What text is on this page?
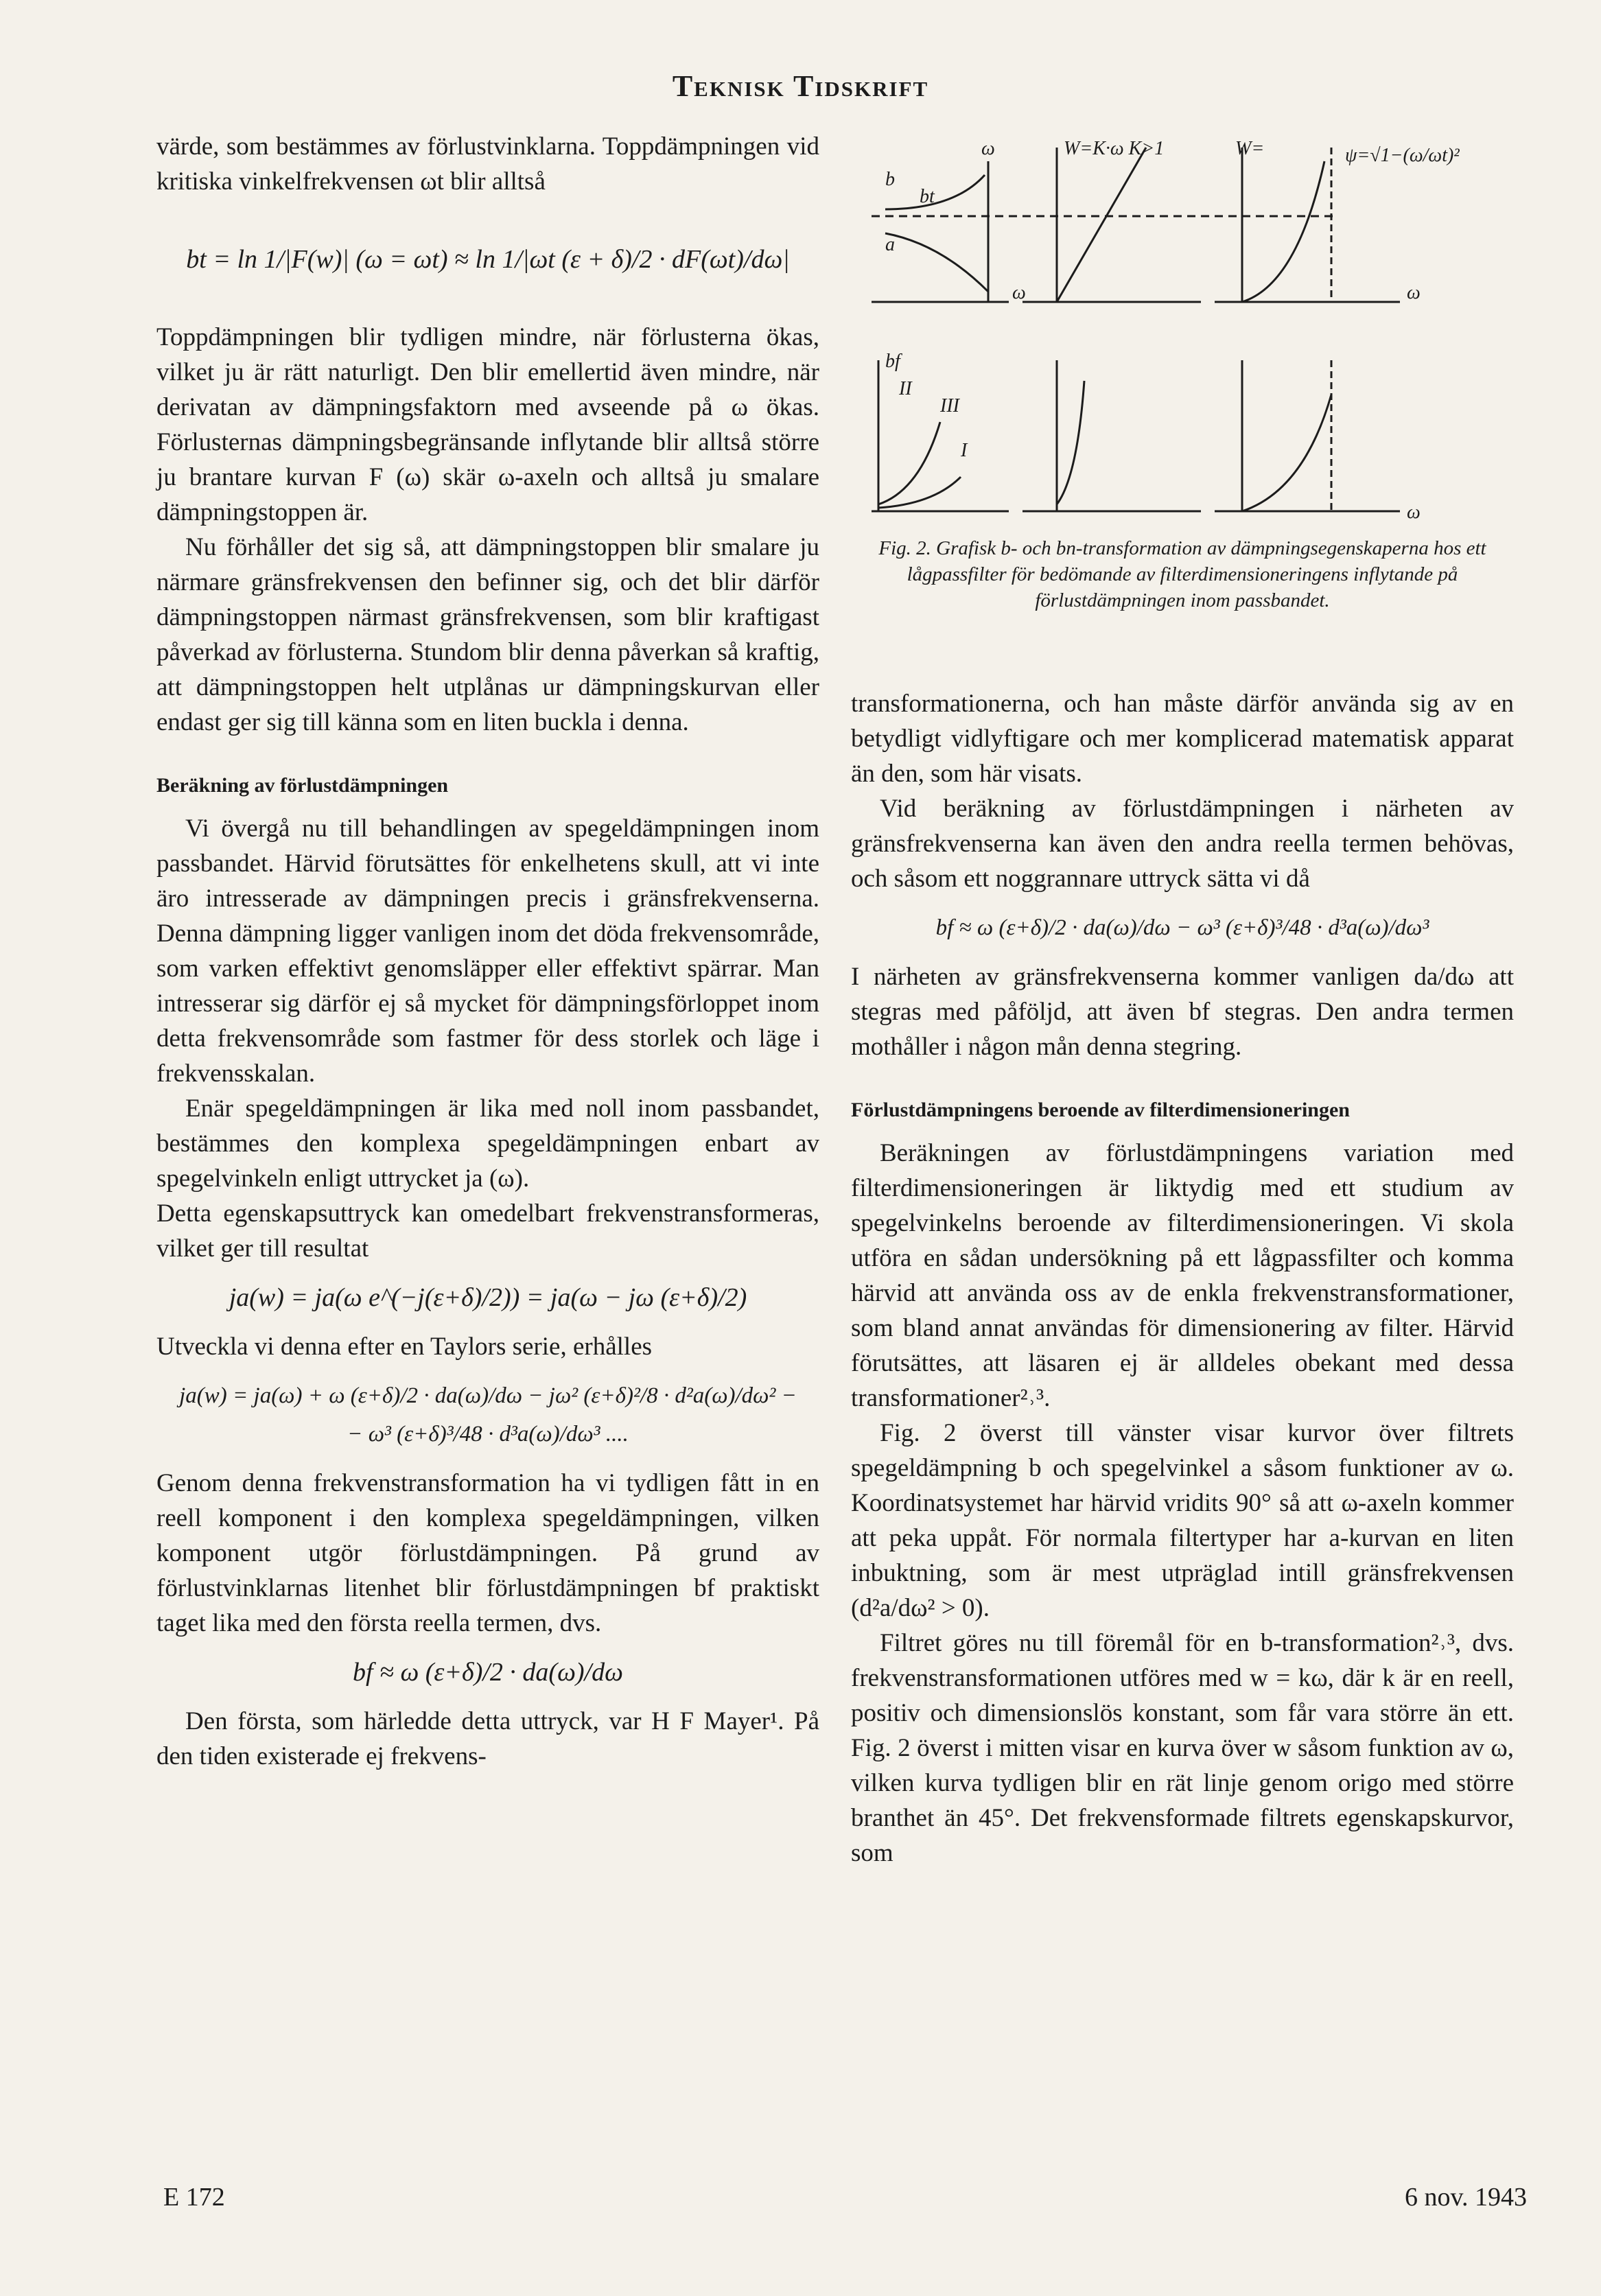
Teknisk Tidskrift

värde, som bestämmes av förlustvinklarna. Toppdämpningen vid kritiska vinkelfrekvensen ωt blir alltså

bt = ln 1/|F(w)| (ω = ωt) ≈ ln 1/|ωt (ε + δ)/2 · dF(ωt)/dω|

Toppdämpningen blir tydligen mindre, när förlusterna ökas, vilket ju är rätt naturligt. Den blir emellertid även mindre, när derivatan av dämpningsfaktorn med avseende på ω ökas. Förlusternas dämpningsbegränsande inflytande blir alltså större ju brantare kurvan F (ω) skär ω-axeln och alltså ju smalare dämpningstoppen är.

Nu förhåller det sig så, att dämpningstoppen blir smalare ju närmare gränsfrekvensen den befinner sig, och det blir därför dämpningstoppen närmast gränsfrekvensen, som blir kraftigast påverkad av förlusterna. Stundom blir denna påverkan så kraftig, att dämpningstoppen helt utplånas ur dämpningskurvan eller endast ger sig till känna som en liten buckla i denna.

Beräkning av förlustdämpningen

Vi övergå nu till behandlingen av spegeldämpningen inom passbandet. Härvid förutsättes för enkelhetens skull, att vi inte äro intresserade av dämpningen precis i gränsfrekvenserna. Denna dämpning ligger vanligen inom det döda frekvensområde, som varken effektivt genomsläpper eller effektivt spärrar. Man intresserar sig därför ej så mycket för dämpningsförloppet inom detta frekvensområde som fastmer för dess storlek och läge i frekvensskalan.

Enär spegeldämpningen är lika med noll inom passbandet, bestämmes den komplexa spegeldämpningen enbart av spegelvinkeln enligt uttrycket ja (ω).

Detta egenskapsuttryck kan omedelbart frekvenstransformeras, vilket ger till resultat

ja(w) = ja(ω e^(−j(ε+δ)/2)) = ja(ω − jω (ε+δ)/2)

Utveckla vi denna efter en Taylors serie, erhålles

ja(w) = ja(ω) + ω (ε+δ)/2 · da(ω)/dω − jω² (ε+δ)²/8 · d²a(ω)/dω² −
− ω³ (ε+δ)³/48 · d³a(ω)/dω³ ....

Genom denna frekvenstransformation ha vi tydligen fått in en reell komponent i den komplexa spegeldämpningen, vilken komponent utgör förlustdämpningen. På grund av förlustvinklarnas litenhet blir förlustdämpningen bf praktiskt taget lika med den första reella termen, dvs.

bf ≈ ω (ε+δ)/2 · da(ω)/dω

Den första, som härledde detta uttryck, var H F Mayer¹. På den tiden existerade ej frekvens-

ω	W=K·ω K>1	W=	ψ=√1−(ω/ωt)²
b
bt
a
ω
bf
II
III
I
ω
ω
Fig. 2. Grafisk b- och bn-transformation av dämpningsegenskaperna hos ett lågpassfilter för bedömande av filterdimensioneringens inflytande på förlustdämpningen inom passbandet.

transformationerna, och han måste därför använda sig av en betydligt vidlyftigare och mer komplicerad matematisk apparat än den, som här visats.

Vid beräkning av förlustdämpningen i närheten av gränsfrekvenserna kan även den andra reella termen behövas, och såsom ett noggrannare uttryck sätta vi då

bf ≈ ω (ε+δ)/2 · da(ω)/dω − ω³ (ε+δ)³/48 · d³a(ω)/dω³

I närheten av gränsfrekvenserna kommer vanligen da/dω att stegras med påföljd, att även bf stegras. Den andra termen mothåller i någon mån denna stegring.

Förlustdämpningens beroende av filterdimensioneringen

Beräkningen av förlustdämpningens variation med filterdimensioneringen är liktydig med ett studium av spegelvinkelns beroende av filterdimensioneringen. Vi skola utföra en sådan undersökning på ett lågpassfilter och komma härvid att använda oss av de enkla frekvenstransformationer, som bland annat användas för dimensionering av filter. Härvid förutsättes, att läsaren ej är alldeles obekant med dessa transformationer²˒³.

Fig. 2 överst till vänster visar kurvor över filtrets spegeldämpning b och spegelvinkel a såsom funktioner av ω. Koordinatsystemet har härvid vridits 90° så att ω-axeln kommer att peka uppåt. För normala filtertyper har a-kurvan en liten inbuktning, som är mest utpräglad intill gränsfrekvensen (d²a/dω² > 0).

Filtret göres nu till föremål för en b-transformation²˒³, dvs. frekvenstransformationen utföres med w = kω, där k är en reell, positiv och dimensionslös konstant, som får vara större än ett. Fig. 2 överst i mitten visar en kurva över w såsom funktion av ω, vilken kurva tydligen blir en rät linje genom origo med större branthet än 45°. Det frekvensformade filtrets egenskapskurvor, som

E 172	6 nov. 1943
